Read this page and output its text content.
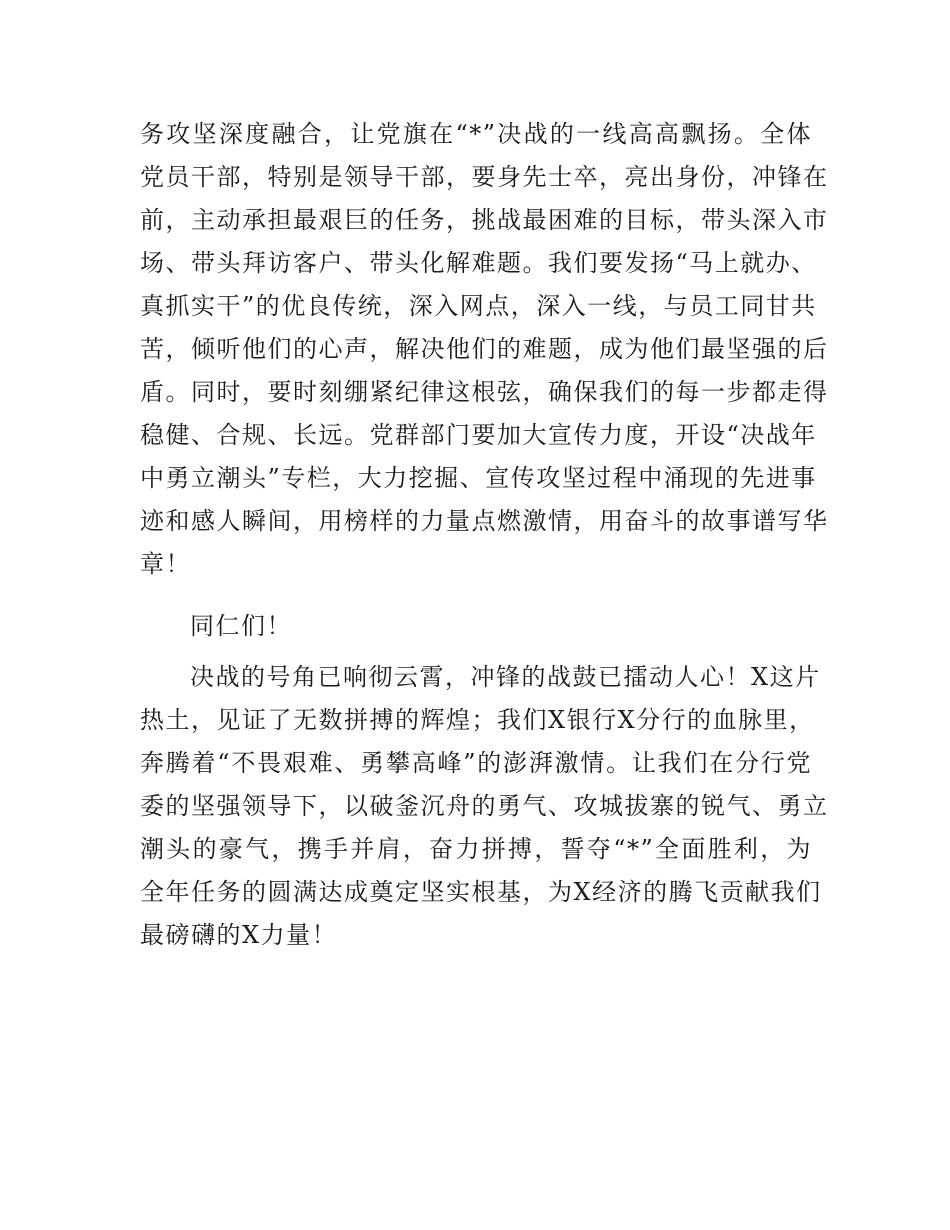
务攻坚深度融合，让党旗在“*”决战的一线高高飘扬。全体
党员干部，特别是领导干部，要身先士卒，亮出身份，冲锋在
前，主动承担最艰巨的任务，挑战最困难的目标，带头深入市
场、带头拜访客户、带头化解难题。我们要发扬“马上就办、
真抓实干”的优良传统，深入网点，深入一线，与员工同甘共
苦，倾听他们的心声，解决他们的难题，成为他们最坚强的后
盾。同时，要时刻绷紧纪律这根弦，确保我们的每一步都走得
稳健、合规、长远。党群部门要加大宣传力度，开设“决战年
中勇立潮头”专栏，大力挖掘、宣传攻坚过程中涌现的先进事
迹和感人瞬间，用榜样的力量点燃激情，用奋斗的故事谱写华
章！
同仁们！
决战的号角已响彻云霄，冲锋的战鼓已擂动人心！X这片
热土，见证了无数拼搏的辉煌；我们X银行X分行的血脉里，
奔腾着“不畏艰难、勇攀高峰”的澎湃激情。让我们在分行党
委的坚强领导下，以破釜沉舟的勇气、攻城拔寨的锐气、勇立
潮头的豪气，携手并肩，奋力拼搏，誓夺“*”全面胜利，为
全年任务的圆满达成奠定坚实根基，为X经济的腾飞贡献我们
最磅礴的X力量！
